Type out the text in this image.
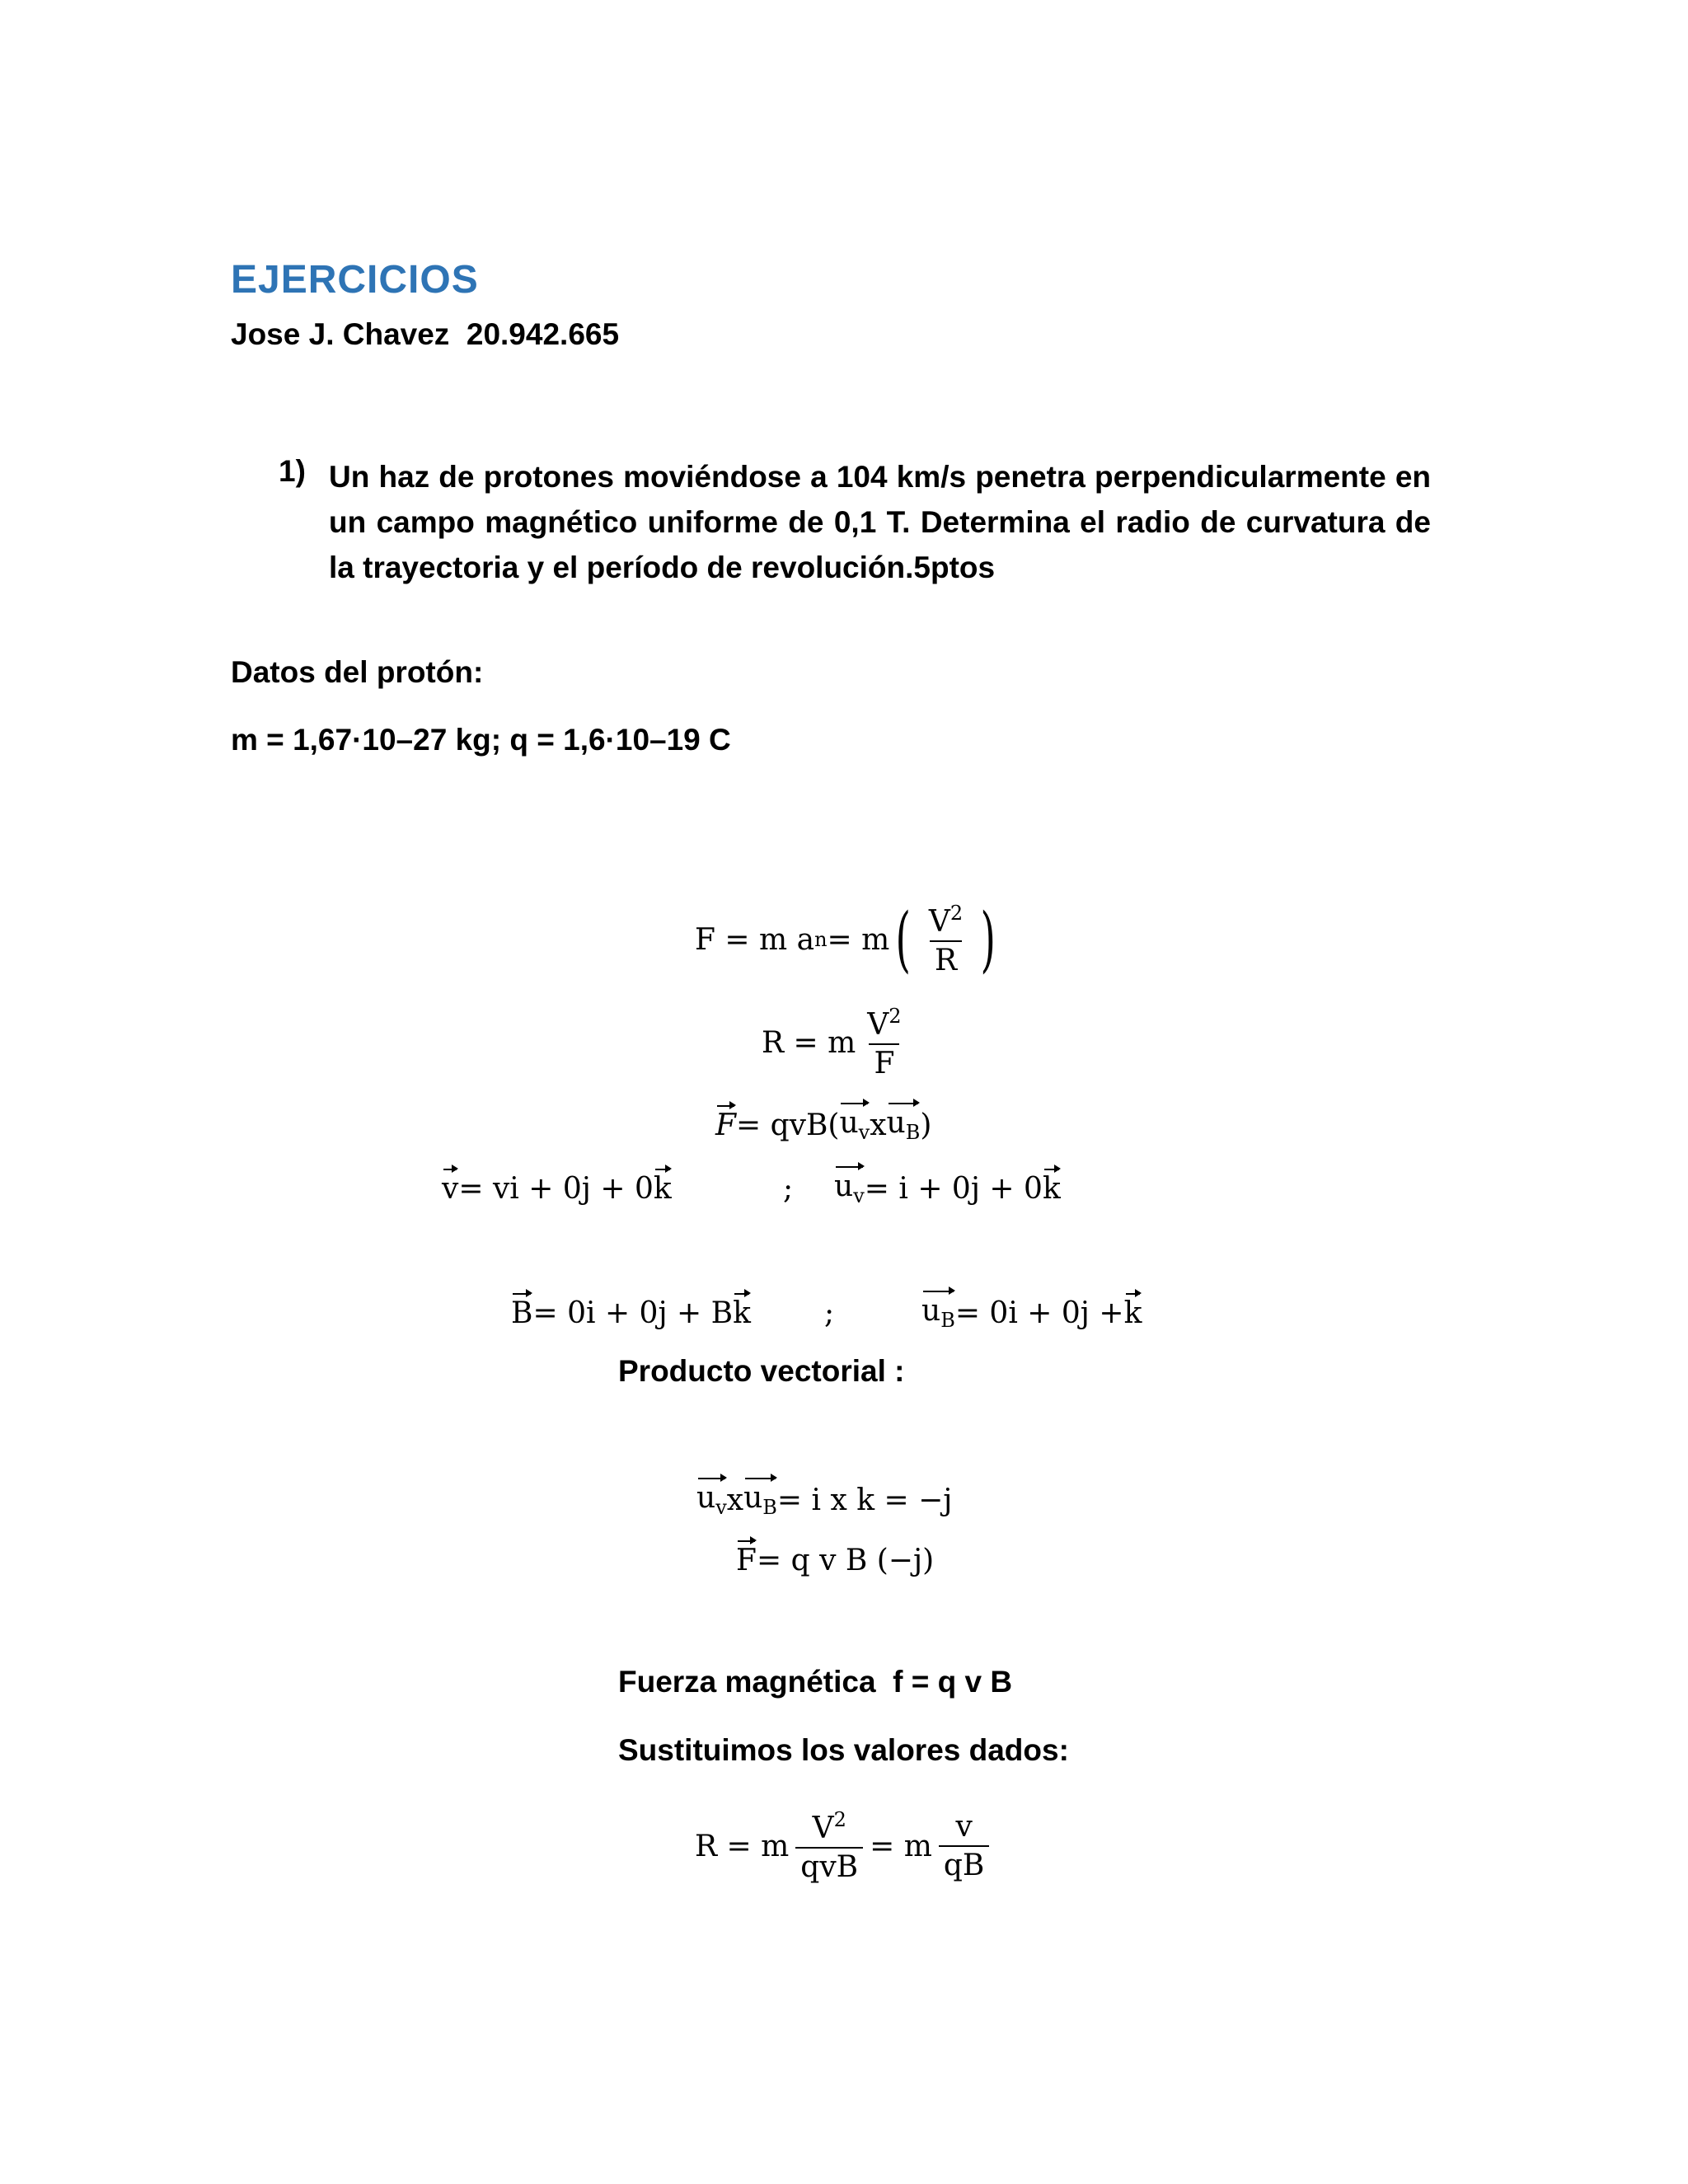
EJERCICIOS
Jose J. Chavez  20.942.665
1) Un haz de protones moviéndose a 104 km/s penetra perpendicularmente en un campo magnético uniforme de 0,1 T. Determina el radio de curvatura de la trayectoria y el período de revolución.5ptos
Datos del protón:
m = 1,67·10–27 kg; q = 1,6·10–19 C
F = m a n = m ( $\frac{V^2}{R}$ )
R = m $\frac{V^2}{F}$
F = qvB( $u_v$ x $u_B$ )
v = vi + 0j + 0 k	; $u_v = i + 0j + 0$ k
B = 0i + 0j + B k ;	$u_B = 0i + 0j + k$
Producto vectorial :
$u_v$ x $u_B = i$ x k = −j
F = q v B (−j)
Fuerza magnética  f = q v B
Sustituimos los valores dados:
R = m $\frac{V^2}{\text{qvB}} = m \frac{v}{qB}$
